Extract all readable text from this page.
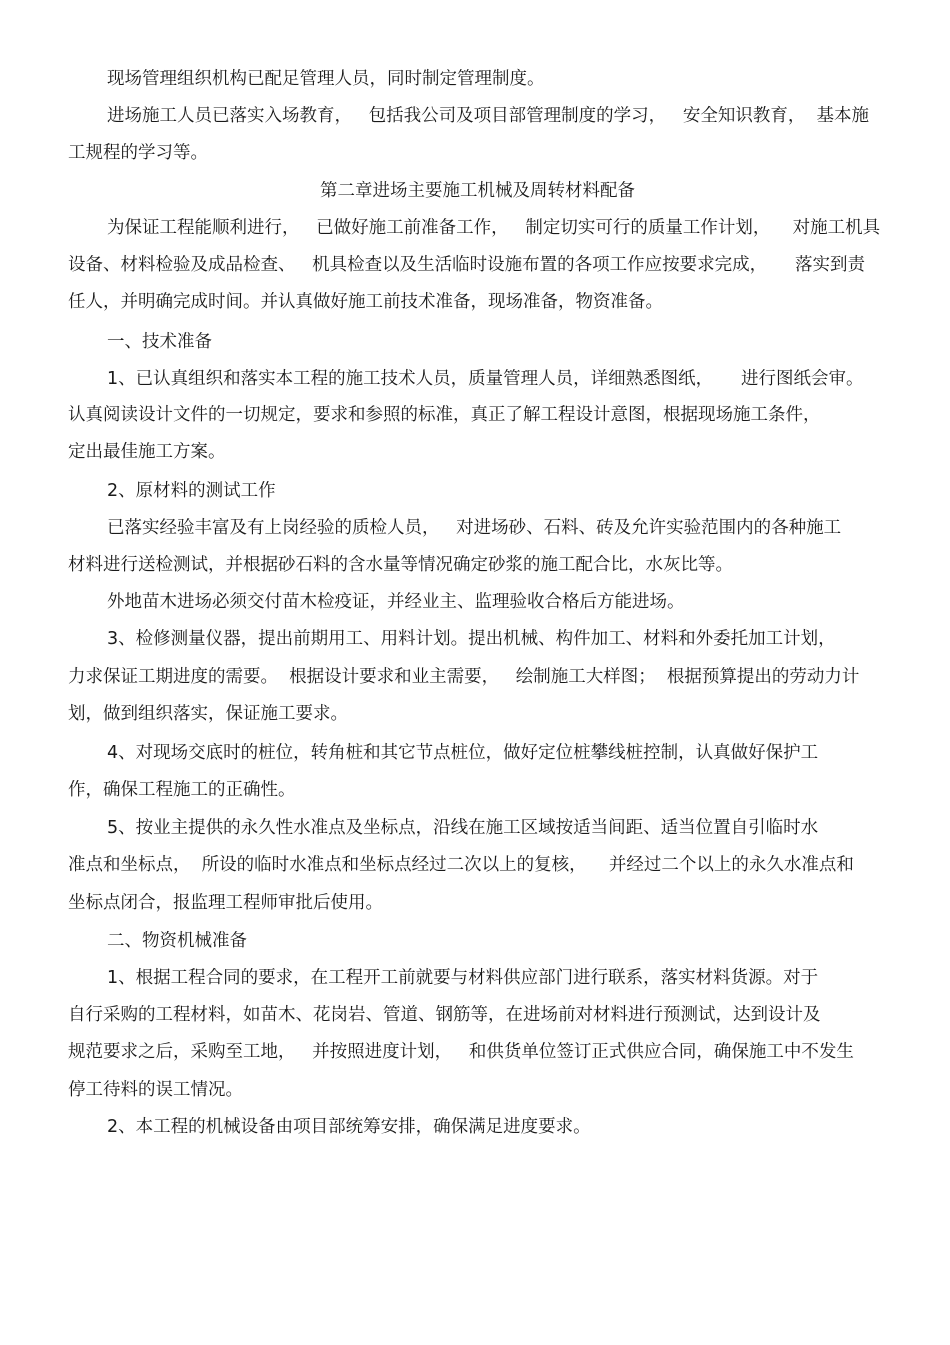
现场管理组织机构已配足管理人员，同时制定管理制度。

进场施工人员已落实入场教育，   包括我公司及项目部管理制度的学习，   安全知识教育，  基本施

工规程的学习等。

第二章进场主要施工机械及周转材料配备

为保证工程能顺利进行，   已做好施工前准备工作，   制定切实可行的质量工作计划，    对施工机具

设备、材料检验及成品检查、   机具检查以及生活临时设施布置的各项工作应按要求完成，     落实到责

任人，并明确完成时间。并认真做好施工前技术准备，现场准备，物资准备。

一、技术准备

1、已认真组织和落实本工程的施工技术人员，质量管理人员，详细熟悉图纸，     进行图纸会审。

认真阅读设计文件的一切规定，要求和参照的标准，真正了解工程设计意图，根据现场施工条件，

定出最佳施工方案。

2、原材料的测试工作

已落实经验丰富及有上岗经验的质检人员，   对进场砂、石料、砖及允许实验范围内的各种施工

材料进行送检测试，并根据砂石料的含水量等情况确定砂浆的施工配合比，水灰比等。

外地苗木进场必须交付苗木检疫证，并经业主、监理验收合格后方能进场。

3、检修测量仪器，提出前期用工、用料计划。提出机械、构件加工、材料和外委托加工计划，

力求保证工期进度的需要。  根据设计要求和业主需要，   绘制施工大样图；  根据预算提出的劳动力计

划，做到组织落实，保证施工要求。

4、对现场交底时的桩位，转角桩和其它节点桩位，做好定位桩攀线桩控制，认真做好保护工

作，确保工程施工的正确性。

5、按业主提供的永久性水准点及坐标点，沿线在施工区域按适当间距、适当位置自引临时水

准点和坐标点，  所设的临时水准点和坐标点经过二次以上的复核，    并经过二个以上的永久水准点和

坐标点闭合，报监理工程师审批后使用。

二、物资机械准备

1、根据工程合同的要求，在工程开工前就要与材料供应部门进行联系，落实材料货源。对于

自行采购的工程材料，如苗木、花岗岩、管道、钢筋等，在进场前对材料进行预测试，达到设计及

规范要求之后，采购至工地，   并按照进度计划，   和供货单位签订正式供应合同，确保施工中不发生

停工待料的误工情况。

2、本工程的机械设备由项目部统筹安排，确保满足进度要求。
